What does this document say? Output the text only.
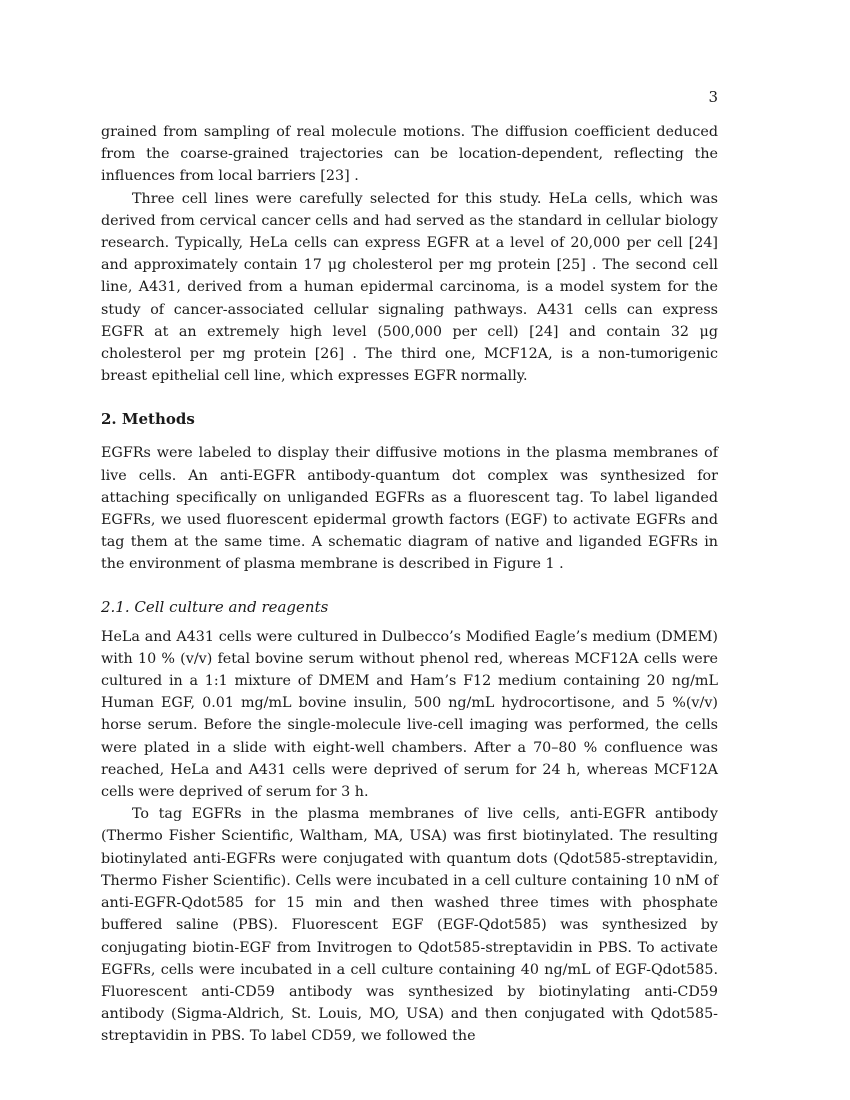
3

grained from sampling of real molecule motions. The diffusion coefficient deduced from the coarse-grained trajectories can be location-dependent, reflecting the influences from local barriers [23] .

Three cell lines were carefully selected for this study. HeLa cells, which was derived from cervical cancer cells and had served as the standard in cellular biology research. Typically, HeLa cells can express EGFR at a level of 20,000 per cell [24] and approximately contain 17 μg cholesterol per mg protein [25] . The second cell line, A431, derived from a human epidermal carcinoma, is a model system for the study of cancer-associated cellular signaling pathways. A431 cells can express EGFR at an extremely high level (500,000 per cell) [24] and contain 32 μg cholesterol per mg protein [26] . The third one, MCF12A, is a non-tumorigenic breast epithelial cell line, which expresses EGFR normally.

2. Methods

EGFRs were labeled to display their diffusive motions in the plasma membranes of live cells. An anti-EGFR antibody-quantum dot complex was synthesized for attaching specifically on unliganded EGFRs as a fluorescent tag. To label liganded EGFRs, we used fluorescent epidermal growth factors (EGF) to activate EGFRs and tag them at the same time. A schematic diagram of native and liganded EGFRs in the environment of plasma membrane is described in Figure 1 .

2.1. Cell culture and reagents

HeLa and A431 cells were cultured in Dulbecco’s Modified Eagle’s medium (DMEM) with 10 % (v/v) fetal bovine serum without phenol red, whereas MCF12A cells were cultured in a 1:1 mixture of DMEM and Ham’s F12 medium containing 20 ng/mL Human EGF, 0.01 mg/mL bovine insulin, 500 ng/mL hydrocortisone, and 5 %(v/v) horse serum. Before the single-molecule live-cell imaging was performed, the cells were plated in a slide with eight-well chambers. After a 70–80 % confluence was reached, HeLa and A431 cells were deprived of serum for 24 h, whereas MCF12A cells were deprived of serum for 3 h.

To tag EGFRs in the plasma membranes of live cells, anti-EGFR antibody (Thermo Fisher Scientific, Waltham, MA, USA) was first biotinylated. The resulting biotinylated anti-EGFRs were conjugated with quantum dots (Qdot585-streptavidin, Thermo Fisher Scientific). Cells were incubated in a cell culture containing 10 nM of anti-EGFR-Qdot585 for 15 min and then washed three times with phosphate buffered saline (PBS). Fluorescent EGF (EGF-Qdot585) was synthesized by conjugating biotin-EGF from Invitrogen to Qdot585-streptavidin in PBS. To activate EGFRs, cells were incubated in a cell culture containing 40 ng/mL of EGF-Qdot585. Fluorescent anti-CD59 antibody was synthesized by biotinylating anti-CD59 antibody (Sigma-Aldrich, St. Louis, MO, USA) and then conjugated with Qdot585-streptavidin in PBS. To label CD59, we followed the
